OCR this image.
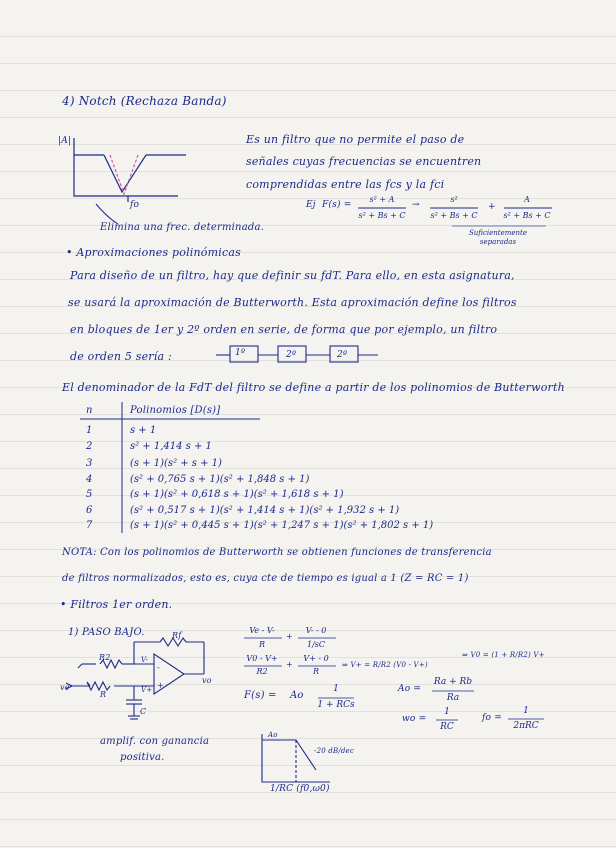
4) Notch (Rechaza Banda)
|A|	Es un filtro que no permite el paso de
señales cuyas frecuencias se encuentren
comprendidas entre las fcs y la fci
fo
Elimina una frec. determinada.
Ej F(s) =
s² + A
s² + Bs + C
→
s²
s² + Bs + C
+
A
s² + Bs + C
Suficientemente
separadas
• Aproximaciones polinómicas
Para diseño de un filtro, hay que definir su fdT. Para ello, en esta asignatura,
se usará la aproximación de Butterworth. Esta aproximación define los filtros
en bloques de 1er y 2º orden en serie, de forma que por ejemplo, un filtro
de orden 5 sería :	1º	2º	2º
El denominador de la FdT del filtro se define a partir de los polinomios de Butterworth
n	Polinomios [D(s)]
1	s + 1
2	s² + 1,414 s + 1
3	(s + 1)(s² + s + 1)
4	(s² + 0,765 s + 1)(s² + 1,848 s + 1)
5	(s + 1)(s² + 0,618 s + 1)(s² + 1,618 s + 1)
6	(s² + 0,517 s + 1)(s² + 1,414 s + 1)(s² + 1,932 s + 1)
7	(s + 1)(s² + 0,445 s + 1)(s² + 1,247 s + 1)(s² + 1,802 s + 1)
NOTA: Con los polinomios de Butterworth se obtienen funciones de transferencia
de filtros normalizados, esto es, cuya cte de tiempo es igual a 1 (Z = RC = 1)
• Filtros 1er orden.
1) PASO BAJO.	Rf
R2
R
C
ve
vo
V-
V+
-
+
amplif. con ganancia
positiva.
Ve - V-
R
+
V- - 0
1/sC
V0 - V+
R2
+
V+ - 0
R
⇒ V+ = R/R2 (V0 - V+)
⇒ V0 = (1 + R/R2) V+
F(s) = Ao
1
1 + RCs
Ao =
Ra + Rb
Ra
wo =
1
RC
fo =
1
2πRC
Ao
-20 dB/dec
1/RC (f0,ω0)
